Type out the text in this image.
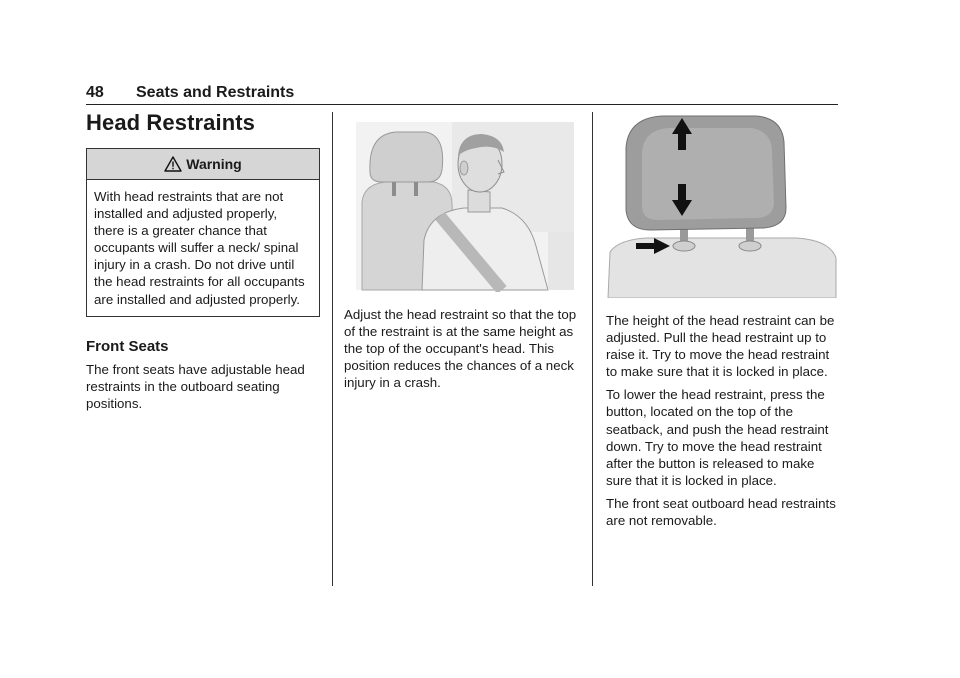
48 Seats and Restraints
Head Restraints
Warning
With head restraints that are not installed and adjusted properly, there is a greater chance that occupants will suffer a neck/ spinal injury in a crash. Do not drive until the head restraints for all occupants are installed and adjusted properly.
Front Seats

The front seats have adjustable head restraints in the outboard seating positions.

Adjust the head restraint so that the top of the restraint is at the same height as the top of the occupant's head. This position reduces the chances of a neck injury in a crash.

The height of the head restraint can be adjusted. Pull the head restraint up to raise it. Try to move the head restraint to make sure that it is locked in place.

To lower the head restraint, press the button, located on the top of the seatback, and push the head restraint down. Try to move the head restraint after the button is released to make sure that it is locked in place.

The front seat outboard head restraints are not removable.
